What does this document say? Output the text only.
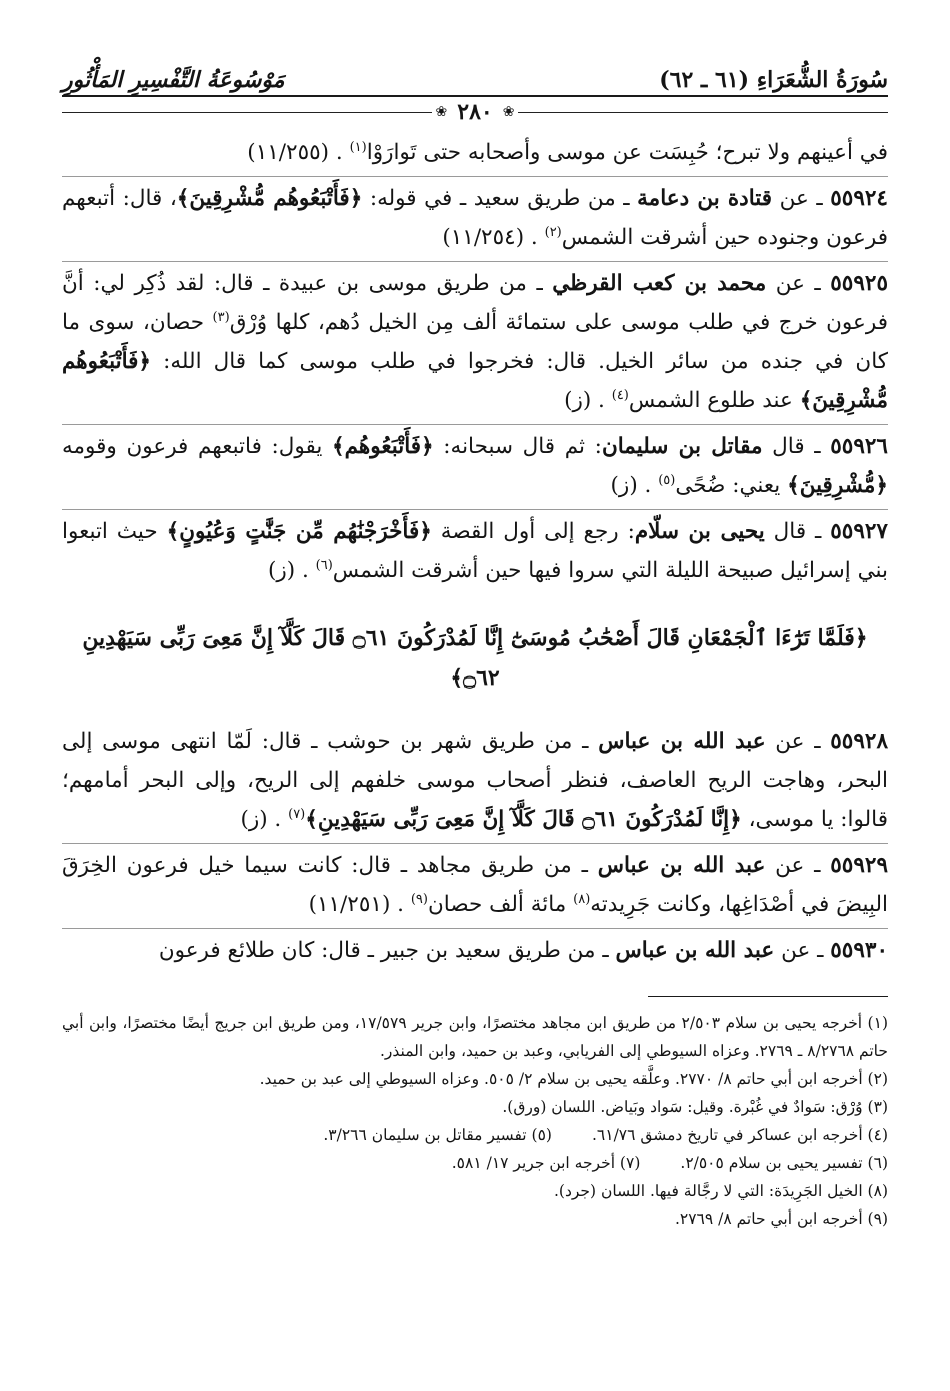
سُورَةُ الشُّعَرَاءِ (٦١ ـ ٦٢)
مَوْسُوعَةُ التَّفْسِيرِ المَأْثُورِ
❀
٢٨٠
❀
في أعينهم ولا تبرح؛ حُبِسَت عن موسى وأصحابه حتى تَوارَوْا$^{(١)}$ . (١١/٢٥٥)
٥٥٩٢٤ ـ عن قتادة بن دعامة ـ من طريق سعيد ـ في قوله: ﴿فَأَتْبَعُوهُم مُّشْرِقِينَ﴾، قال: أتبعهم فرعون وجنوده حين أشرقت الشمس$^{(٢)}$ . (١١/٢٥٤)
٥٥٩٢٥ ـ عن محمد بن كعب القرظي ـ من طريق موسى بن عبيدة ـ قال: لقد ذُكِر لي: أنَّ فرعون خرج في طلب موسى على ستمائة ألف مِن الخيل دُهم، كلها وُرْق$^{(٣)}$ حصان، سوى ما كان في جنده من سائر الخيل. قال: فخرجوا في طلب موسى كما قال الله: ﴿فَأَتْبَعُوهُم مُّشْرِقِينَ﴾ عند طلوع الشمس$^{(٤)}$ . (ز)
٥٥٩٢٦ ـ قال مقاتل بن سليمان: ثم قال سبحانه: ﴿فَأَتْبَعُوهُم﴾ يقول: فاتبعهم فرعون وقومه ﴿مُّشْرِقِينَ﴾ يعني: ضُحًى$^{(٥)}$ . (ز)
٥٥٩٢٧ ـ قال يحيى بن سلّام: رجع إلى أول القصة ﴿فَأَخْرَجْنَٰهُم مِّن جَنَّٰتٍ وَعُيُونٍ﴾ حيث اتبعوا بني إسرائيل صبيحة الليلة التي سروا فيها حين أشرقت الشمس$^{(٦)}$ . (ز)
﴿فَلَمَّا تَرَٰٓءَا ٱلْجَمْعَانِ قَالَ أَصْحَٰبُ مُوسَىٰٓ إِنَّا لَمُدْرَكُونَ ۝٦١ قَالَ كَلَّآ إِنَّ مَعِىَ رَبِّى سَيَهْدِينِ ۝٦٢﴾
٥٥٩٢٨ ـ عن عبد الله بن عباس ـ من طريق شهر بن حوشب ـ قال: لَمّا انتهى موسى إلى البحر، وهاجت الريح العاصف، فنظر أصحاب موسى خلفهم إلى الريح، وإلى البحر أمامهم؛ قالوا: يا موسى، ﴿إِنَّا لَمُدْرَكُونَ ۝٦١ قَالَ كَلَّآ إِنَّ مَعِىَ رَبِّى سَيَهْدِينِ﴾$^{(٧)}$ . (ز)
٥٥٩٢٩ ـ عن عبد الله بن عباس ـ من طريق مجاهد ـ قال: كانت سيما خيل فرعون الخِرَقَ البِيضَ في أصْدَاغِها، وكانت جَرِيدته$^{(٨)}$ مائة ألف حصان$^{(٩)}$ . (١١/٢٥١)
٥٥٩٣٠ ـ عن عبد الله بن عباس ـ من طريق سعيد بن جبير ـ قال: كان طلائع فرعون
(١) أخرجه يحيى بن سلام ٢/٥٠٣ من طريق ابن مجاهد مختصرًا، وابن جرير ١٧/٥٧٩، ومن طريق ابن جريج أيضًا مختصرًا، وابن أبي حاتم ٨/٢٧٦٨ ـ ٢٧٦٩. وعزاه السيوطي إلى الفريابي، وعبد بن حميد، وابن المنذر.
(٢) أخرجه ابن أبي حاتم ٨/ ٢٧٧٠. وعلَّقه يحيى بن سلام ٢/ ٥٠٥. وعزاه السيوطي إلى عبد بن حميد.
(٣) وُرْق: سَوادٌ في غُبْرة. وقيل: سَواد وبَياض. اللسان (ورق).
(٤) أخرجه ابن عساكر في تاريخ دمشق ٦١/٧٦.
(٥) تفسير مقاتل بن سليمان ٣/٢٦٦.
(٦) تفسير يحيى بن سلام ٢/٥٠٥.
(٧) أخرجه ابن جرير ١٧/ ٥٨١.
(٨) الخيل الجَرِيدَة: التي لا رجَّالة فيها. اللسان (جرد).
(٩) أخرجه ابن أبي حاتم ٨/ ٢٧٦٩.
